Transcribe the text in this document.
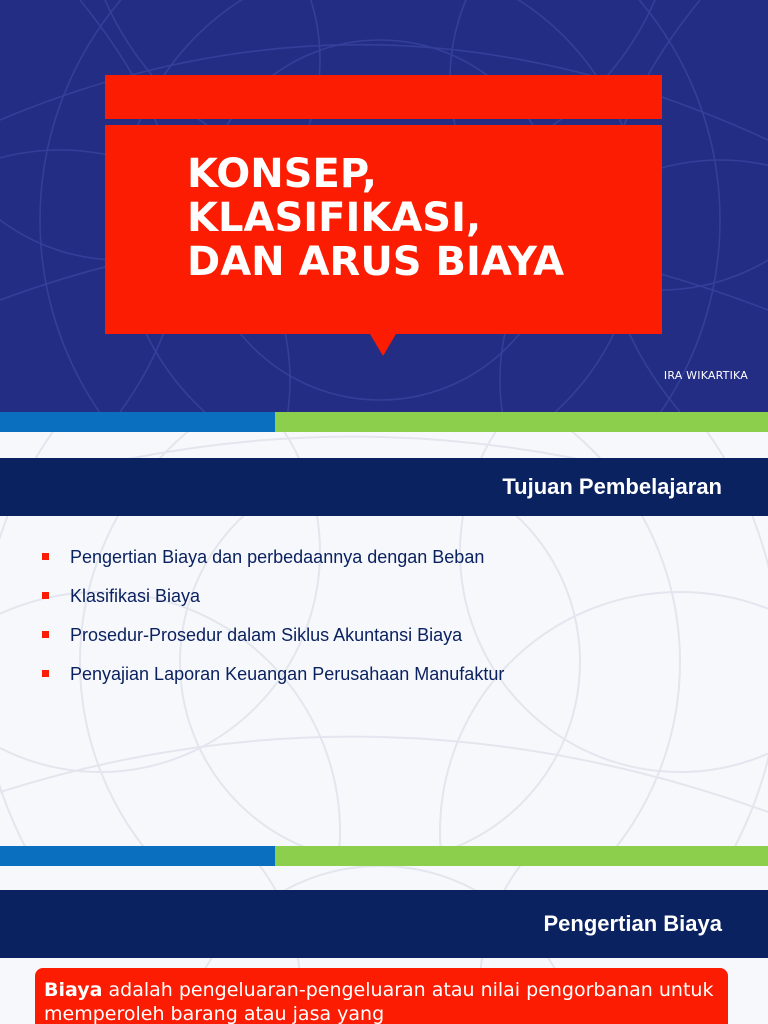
KONSEP,
KLASIFIKASI,
DAN ARUS BIAYA
IRA WIKARTIKA
Tujuan Pembelajaran
Pengertian Biaya dan perbedaannya dengan Beban
Klasifikasi Biaya
Prosedur-Prosedur dalam Siklus Akuntansi Biaya
Penyajian Laporan Keuangan Perusahaan Manufaktur
Pengertian Biaya
Biaya adalah pengeluaran-pengeluaran atau nilai pengorbanan untuk memperoleh barang atau jasa yang
